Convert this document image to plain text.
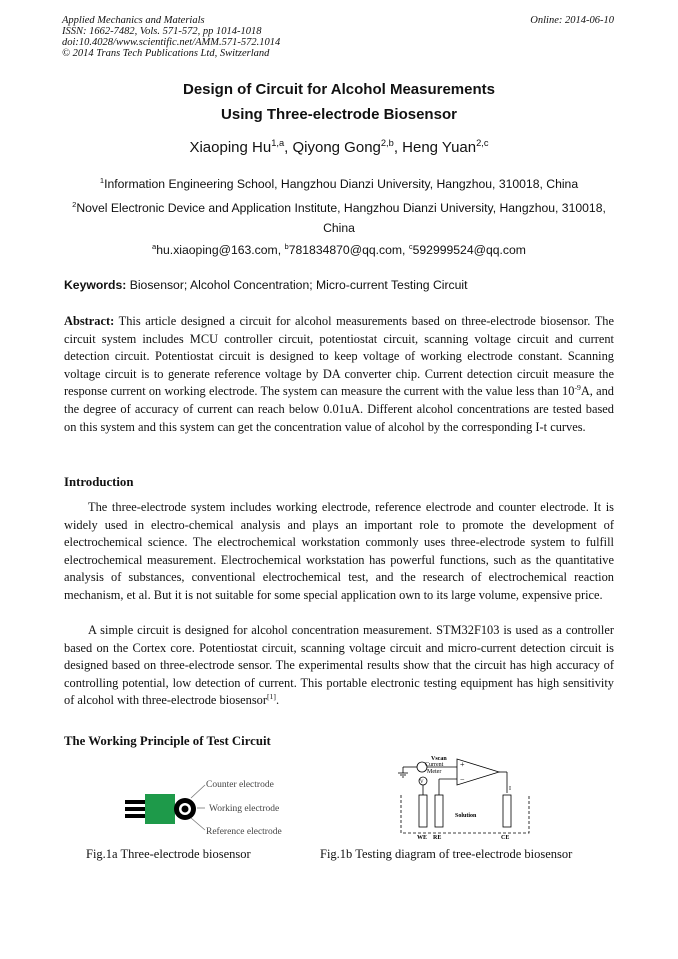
Applied Mechanics and Materials
ISSN: 1662-7482, Vols. 571-572, pp 1014-1018
doi:10.4028/www.scientific.net/AMM.571-572.1014
© 2014 Trans Tech Publications Ltd, Switzerland
Online: 2014-06-10
Design of Circuit for Alcohol Measurements
Using Three-electrode Biosensor
Xiaoping Hu$^{1,a}$, Qiyong Gong$^{2,b}$, Heng Yuan$^{2,c}$
$^1$Information Engineering School, Hangzhou Dianzi University, Hangzhou, 310018, China
$^2$Novel Electronic Device and Application Institute, Hangzhou Dianzi University, Hangzhou, 310018, China
$^a$hu.xiaoping@163.com, $^b$781834870@qq.com, $^c$592999524@qq.com
Keywords: Biosensor; Alcohol Concentration; Micro-current Testing Circuit
Abstract: This article designed a circuit for alcohol measurements based on three-electrode biosensor. The circuit system includes MCU controller circuit, potentiostat circuit, scanning voltage circuit and current detection circuit. Potentiostat circuit is designed to keep voltage of working electrode constant. Scanning voltage circuit is to generate reference voltage by DA converter chip. Current detection circuit measure the response current on working electrode. The system can measure the current with the value less than $10^{-9}A$, and the degree of accuracy of current can reach below 0.01uA. Different alcohol concentrations are tested based on this system and this system can get the concentration value of alcohol by the corresponding I-t curves.
Introduction
The three-electrode system includes working electrode, reference electrode and counter electrode. It is widely used in electro-chemical analysis and plays an important role to promote the development of electrochemical science. The electrochemical workstation commonly uses three-electrode system to fulfill electrochemical measurement. Electrochemical workstation has powerful functions, such as the quantitative analysis of substances, conventional electrochemical test, and the research of electrochemical reaction mechanism, et al. But it is not suitable for some special application own to its large volume, expensive price.
A simple circuit is designed for alcohol concentration measurement. STM32F103 is used as a controller based on the Cortex core. Potentiostat circuit, scanning voltage circuit and micro-current detection circuit is designed based on three-electrode sensor. The experimental results show that the circuit has high accuracy of controlling potential, low detection of current. This portable electronic testing equipment has high sensitivity of alcohol with three-electrode biosensor[1].
The Working Principle of Test Circuit
Counter electrode
Working electrode
Reference electrode
Fig.1a Three-electrode biosensor
Vscan
Current
Meter
+
−
V
I
Solution
WE RE	CE
Fig.1b Testing diagram of tree-electrode biosensor
